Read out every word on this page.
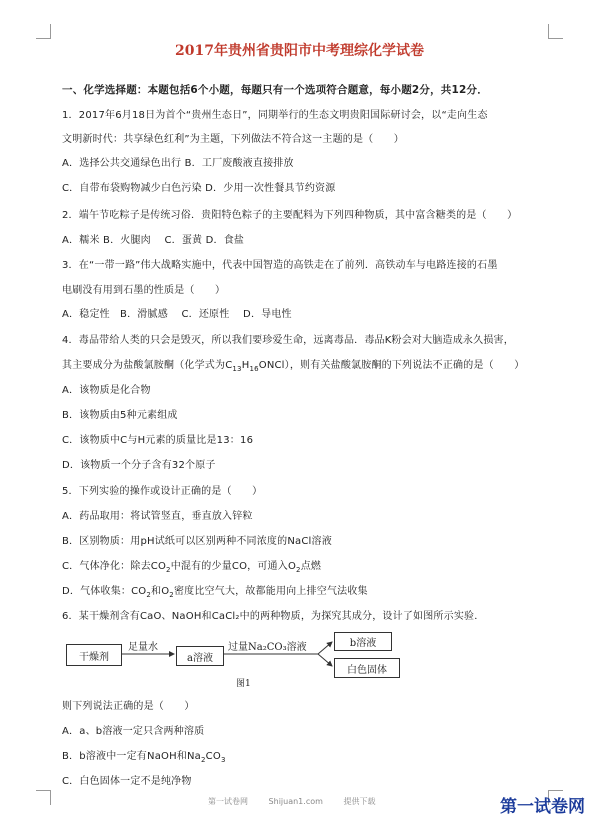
2017年贵州省贵阳市中考理综化学试卷
一、化学选择题：本题包括6个小题，每题只有一个选项符合题意，每小题2分，共12分．
1．2017年6月18日为首个“贵州生态日”，同期举行的生态文明贵阳国际研讨会，以“走向生态
文明新时代：共享绿色红利”为主题，下列做法不符合这一主题的是（　　）
A．选择公共交通绿色出行 B．工厂废酸液直接排放
C．自带布袋购物减少白色污染 D．少用一次性餐具节约资源
2．端午节吃粽子是传统习俗．贵阳特色粽子的主要配料为下列四种物质，其中富含糖类的是（　　）
A．糯米 B．火腿肉　 C．蛋黄 D．食盐
3．在“一带一路”伟大战略实施中，代表中国智造的高铁走在了前列．高铁动车与电路连接的石墨
电刷没有用到石墨的性质是（　　）
A．稳定性　B．滑腻感　 C．还原性　 D．导电性
4．毒品带给人类的只会是毁灭，所以我们要珍爱生命，远离毒品．毒品K粉会对大脑造成永久损害，
其主要成分为盐酸氯胺酮（化学式为$C_{13}H_{16}ONCl$），则有关盐酸氯胺酮的下列说法不正确的是（　　）
A．该物质是化合物
B．该物质由5种元素组成
C．该物质中C与H元素的质量比是13：16
D．该物质一个分子含有32个原子
5．下列实验的操作或设计正确的是（　　）
A．药品取用：将试管竖直，垂直放入锌粒
B．区别物质：用pH试纸可以区别两种不同浓度的NaCl溶液
C．气体净化：除去$CO_2$中混有的少量CO，可通入$O_2$点燃
D．气体收集：$CO_2$和$O_2$密度比空气大，故都能用向上排空气法收集
6．某干燥剂含有CaO、NaOH和CaCl₂中的两种物质，为探究其成分，设计了如图所示实验．
干燥剂
足量水
a溶液
过量Na₂CO₃溶液	b溶液
白色固体
图1
则下列说法正确的是（　　）
A．a、b溶液一定只含两种溶质
B．b溶液中一定有NaOH和$Na_2CO_3$
C．白色固体一定不是纯净物
第一试卷网	Shijuan1.com	提供下载	第一试卷网
